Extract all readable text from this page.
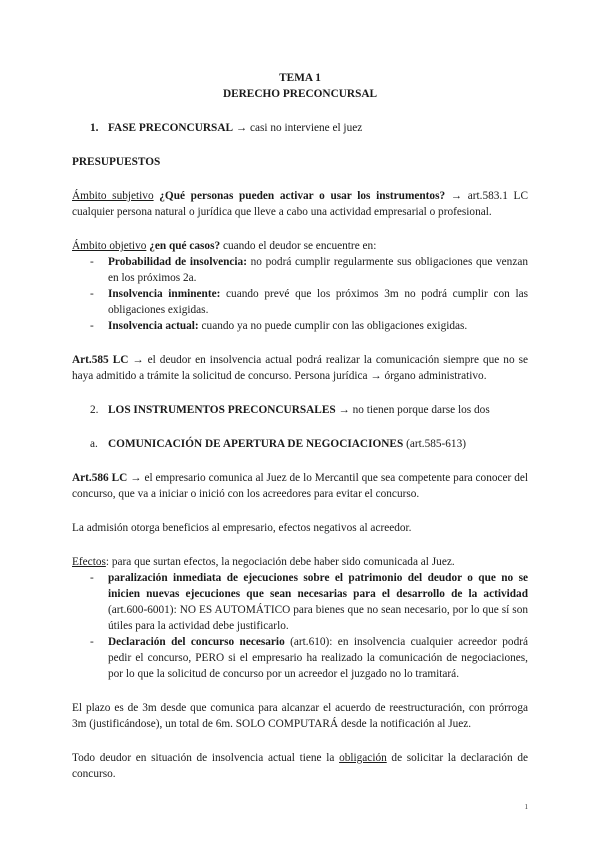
TEMA 1

DERECHO PRECONCURSAL

1. FASE PRECONCURSAL → casi no interviene el juez

PRESUPUESTOS

Ámbito subjetivo ¿Qué personas pueden activar o usar los instrumentos? → art.583.1 LC cualquier persona natural o jurídica que lleve a cabo una actividad empresarial o profesional.

Ámbito objetivo ¿en qué casos? cuando el deudor se encuentre en:

-	Probabilidad de insolvencia: no podrá cumplir regularmente sus obligaciones que venzan en los próximos 2a.
-	Insolvencia inminente: cuando prevé que los próximos 3m no podrá cumplir con las obligaciones exigidas.
-	Insolvencia actual: cuando ya no puede cumplir con las obligaciones exigidas.

Art.585 LC → el deudor en insolvencia actual podrá realizar la comunicación siempre que no se haya admitido a trámite la solicitud de concurso. Persona jurídica → órgano administrativo.

2. LOS INSTRUMENTOS PRECONCURSALES → no tienen porque darse los dos
a. COMUNICACIÓN DE APERTURA DE NEGOCIACIONES (art.585-613)

Art.586 LC → el empresario comunica al Juez de lo Mercantil que sea competente para conocer del concurso, que va a iniciar o inició con los acreedores para evitar el concurso.

La admisión otorga beneficios al empresario, efectos negativos al acreedor.

Efectos: para que surtan efectos, la negociación debe haber sido comunicada al Juez.

-	paralización inmediata de ejecuciones sobre el patrimonio del deudor o que no se inicien nuevas ejecuciones que sean necesarias para el desarrollo de la actividad (art.600-6001): NO ES AUTOMÁTICO para bienes que no sean necesario, por lo que sí son útiles para la actividad debe justificarlo.
-	Declaración del concurso necesario (art.610): en insolvencia cualquier acreedor podrá pedir el concurso, PERO si el empresario ha realizado la comunicación de negociaciones, por lo que la solicitud de concurso por un acreedor el juzgado no lo tramitará.

El plazo es de 3m desde que comunica para alcanzar el acuerdo de reestructuración, con prórroga 3m (justificándose), un total de 6m. SOLO COMPUTARÁ desde la notificación al Juez.

Todo deudor en situación de insolvencia actual tiene la obligación de solicitar la declaración de concurso.

1
